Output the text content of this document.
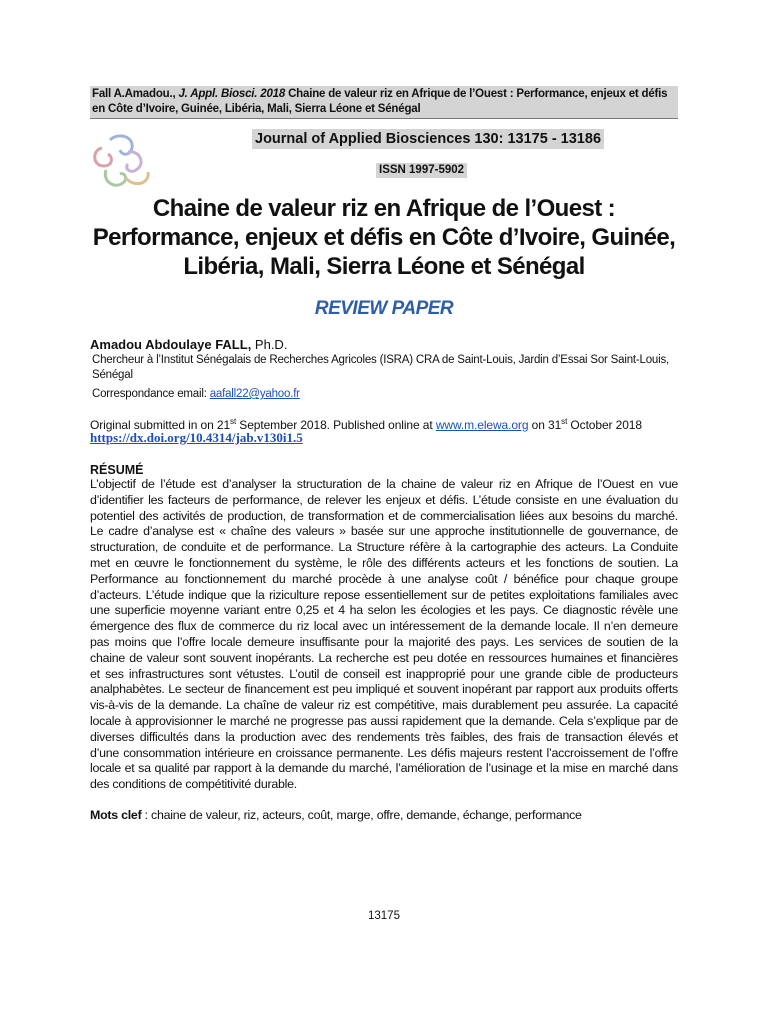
Fall A.Amadou., J. Appl. Biosci. 2018 Chaine de valeur riz en Afrique de l’Ouest : Performance, enjeux et défis en Côte d’Ivoire, Guinée, Libéria, Mali, Sierra Léone et Sénégal
Journal of Applied Biosciences 130: 13175 - 13186
ISSN 1997-5902
Chaine de valeur riz en Afrique de l’Ouest :
Performance, enjeux et défis en Côte d’Ivoire, Guinée,
Libéria, Mali, Sierra Léone et Sénégal
REVIEW PAPER
Amadou Abdoulaye FALL, Ph.D.
Chercheur à l’Institut Sénégalais de Recherches Agricoles (ISRA) CRA de Saint-Louis, Jardin d’Essai Sor Saint-Louis, Sénégal
Correspondance email: aafall22@yahoo.fr
Original submitted in on 21st September 2018. Published online at www.m.elewa.org on 31st October 2018
https://dx.doi.org/10.4314/jab.v130i1.5
RÉSUMÉ
L’objectif de l’étude est d’analyser la structuration de la chaine de valeur riz en Afrique de l’Ouest en vue
d’identifier les facteurs de performance, de relever les enjeux et défis. L’étude consiste en une évaluation du
potentiel des activités de production, de transformation et de commercialisation liées aux besoins du marché.
Le cadre d’analyse est « chaîne des valeurs » basée sur une approche institutionnelle de gouvernance, de
structuration, de conduite et de performance. La Structure réfère à la cartographie des acteurs. La Conduite
met en œuvre le fonctionnement du système, le rôle des différents acteurs et les fonctions de soutien. La
Performance au fonctionnement du marché procède à une analyse coût / bénéfice pour chaque groupe
d’acteurs. L’étude indique que la riziculture repose essentiellement sur de petites exploitations familiales avec
une superficie moyenne variant entre 0,25 et 4 ha selon les écologies et les pays. Ce diagnostic révèle une
émergence des flux de commerce du riz local avec un intéressement de la demande locale. Il n’en demeure
pas moins que l’offre locale demeure insuffisante pour la majorité des pays. Les services de soutien de la
chaine de valeur sont souvent inopérants. La recherche est peu dotée en ressources humaines et financières
et ses infrastructures sont vétustes. L’outil de conseil est inapproprié pour une grande cible de producteurs
analphabètes. Le secteur de financement est peu impliqué et souvent inopérant par rapport aux produits offerts
vis-à-vis de la demande. La chaîne de valeur riz est compétitive, mais durablement peu assurée. La capacité
locale à approvisionner le marché ne progresse pas aussi rapidement que la demande. Cela s’explique par de
diverses difficultés dans la production avec des rendements très faibles, des frais de transaction élevés et
d’une consommation intérieure en croissance permanente. Les défis majeurs restent l’accroissement de l’offre
locale et sa qualité par rapport à la demande du marché, l’amélioration de l’usinage et la mise en marché dans
des conditions de compétitivité durable.
Mots clef : chaine de valeur, riz, acteurs, coût, marge, offre, demande, échange, performance
13175
